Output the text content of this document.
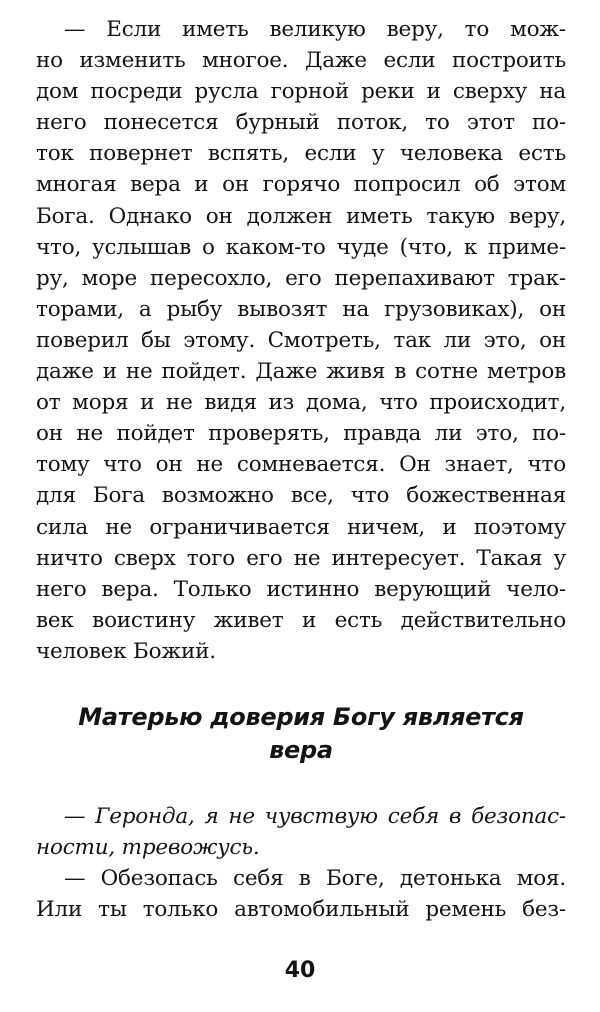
— Если иметь великую веру, то мож-
но изменить многое. Даже если построить
дом посреди русла горной реки и сверху на
него понесется бурный поток, то этот по-
ток повернет вспять, если у человека есть
многая вера и он горячо попросил об этом
Бога. Однако он должен иметь такую веру,
что, услышав о каком-то чуде (что, к приме-
ру, море пересохло, его перепахивают трак-
торами, а рыбу вывозят на грузовиках), он
поверил бы этому. Смотреть, так ли это, он
даже и не пойдет. Даже живя в сотне метров
от моря и не видя из дома, что происходит,
он не пойдет проверять, правда ли это, по-
тому что он не сомневается. Он знает, что
для Бога возможно все, что божественная
сила не ограничивается ничем, и поэтому
ничто сверх того его не интересует. Такая у
него вера. Только истинно верующий чело-
век воистину живет и есть действительно
человек Божий.
Матерью доверия Богу является
вера
— Геронда, я не чувствую себя в безопас-
ности, тревожусь.
— Обезопась себя в Боге, детонька моя.
Или ты только автомобильный ремень без-
40
